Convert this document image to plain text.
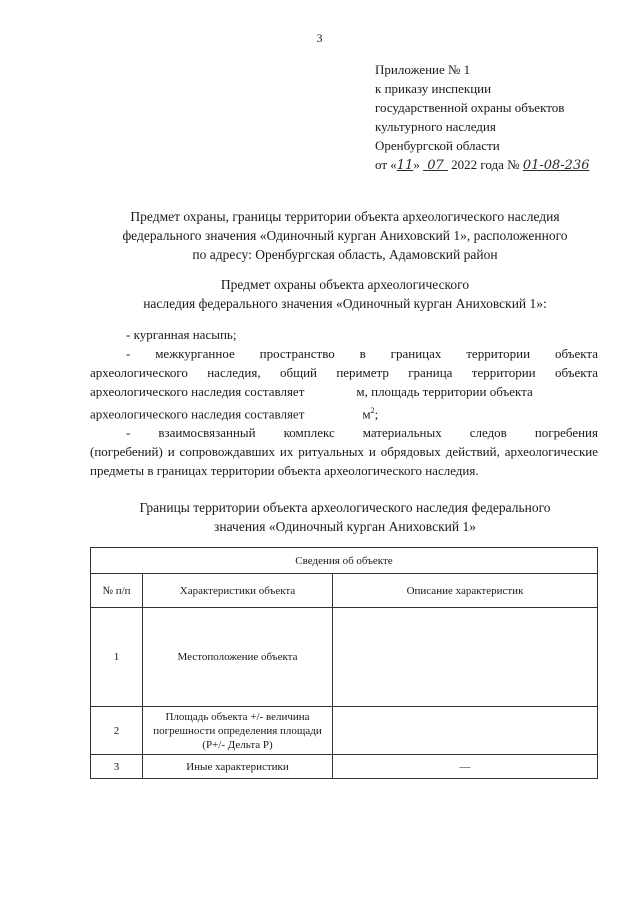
3
Приложение № 1
к приказу инспекции
государственной охраны объектов
культурного наследия
Оренбургской области
от «11» 07 2022 года № 01-08-236
Предмет охраны, границы территории объекта археологического наследия
федерального значения «Одиночный курган Аниховский 1», расположенного
по адресу: Оренбургская область, Адамовский район
Предмет охраны объекта археологического
наследия федерального значения «Одиночный курган Аниховский 1»:

- курганная насыпь;

- межкурганное пространство в границах территории объекта

археологического наследия, общий периметр граница территории объекта

археологического наследия составляет	м, площадь территории объекта

археологического наследия составляет	$м^2$;

- взаимосвязанный комплекс материальных следов погребения

(погребений) и сопровождавших их ритуальных и обрядовых действий, археологические предметы в границах территории объекта археологического наследия.

Границы территории объекта археологического наследия федерального
значения «Одиночный курган Аниховский 1»
Сведения об объекте		
№ п/п	Характеристики объекта	Описание характеристик
1	Местоположение объекта	
2	Площадь объекта +/- величина погрешности определения площади (P+/- Дельта P)	
3	Иные характеристики	—
